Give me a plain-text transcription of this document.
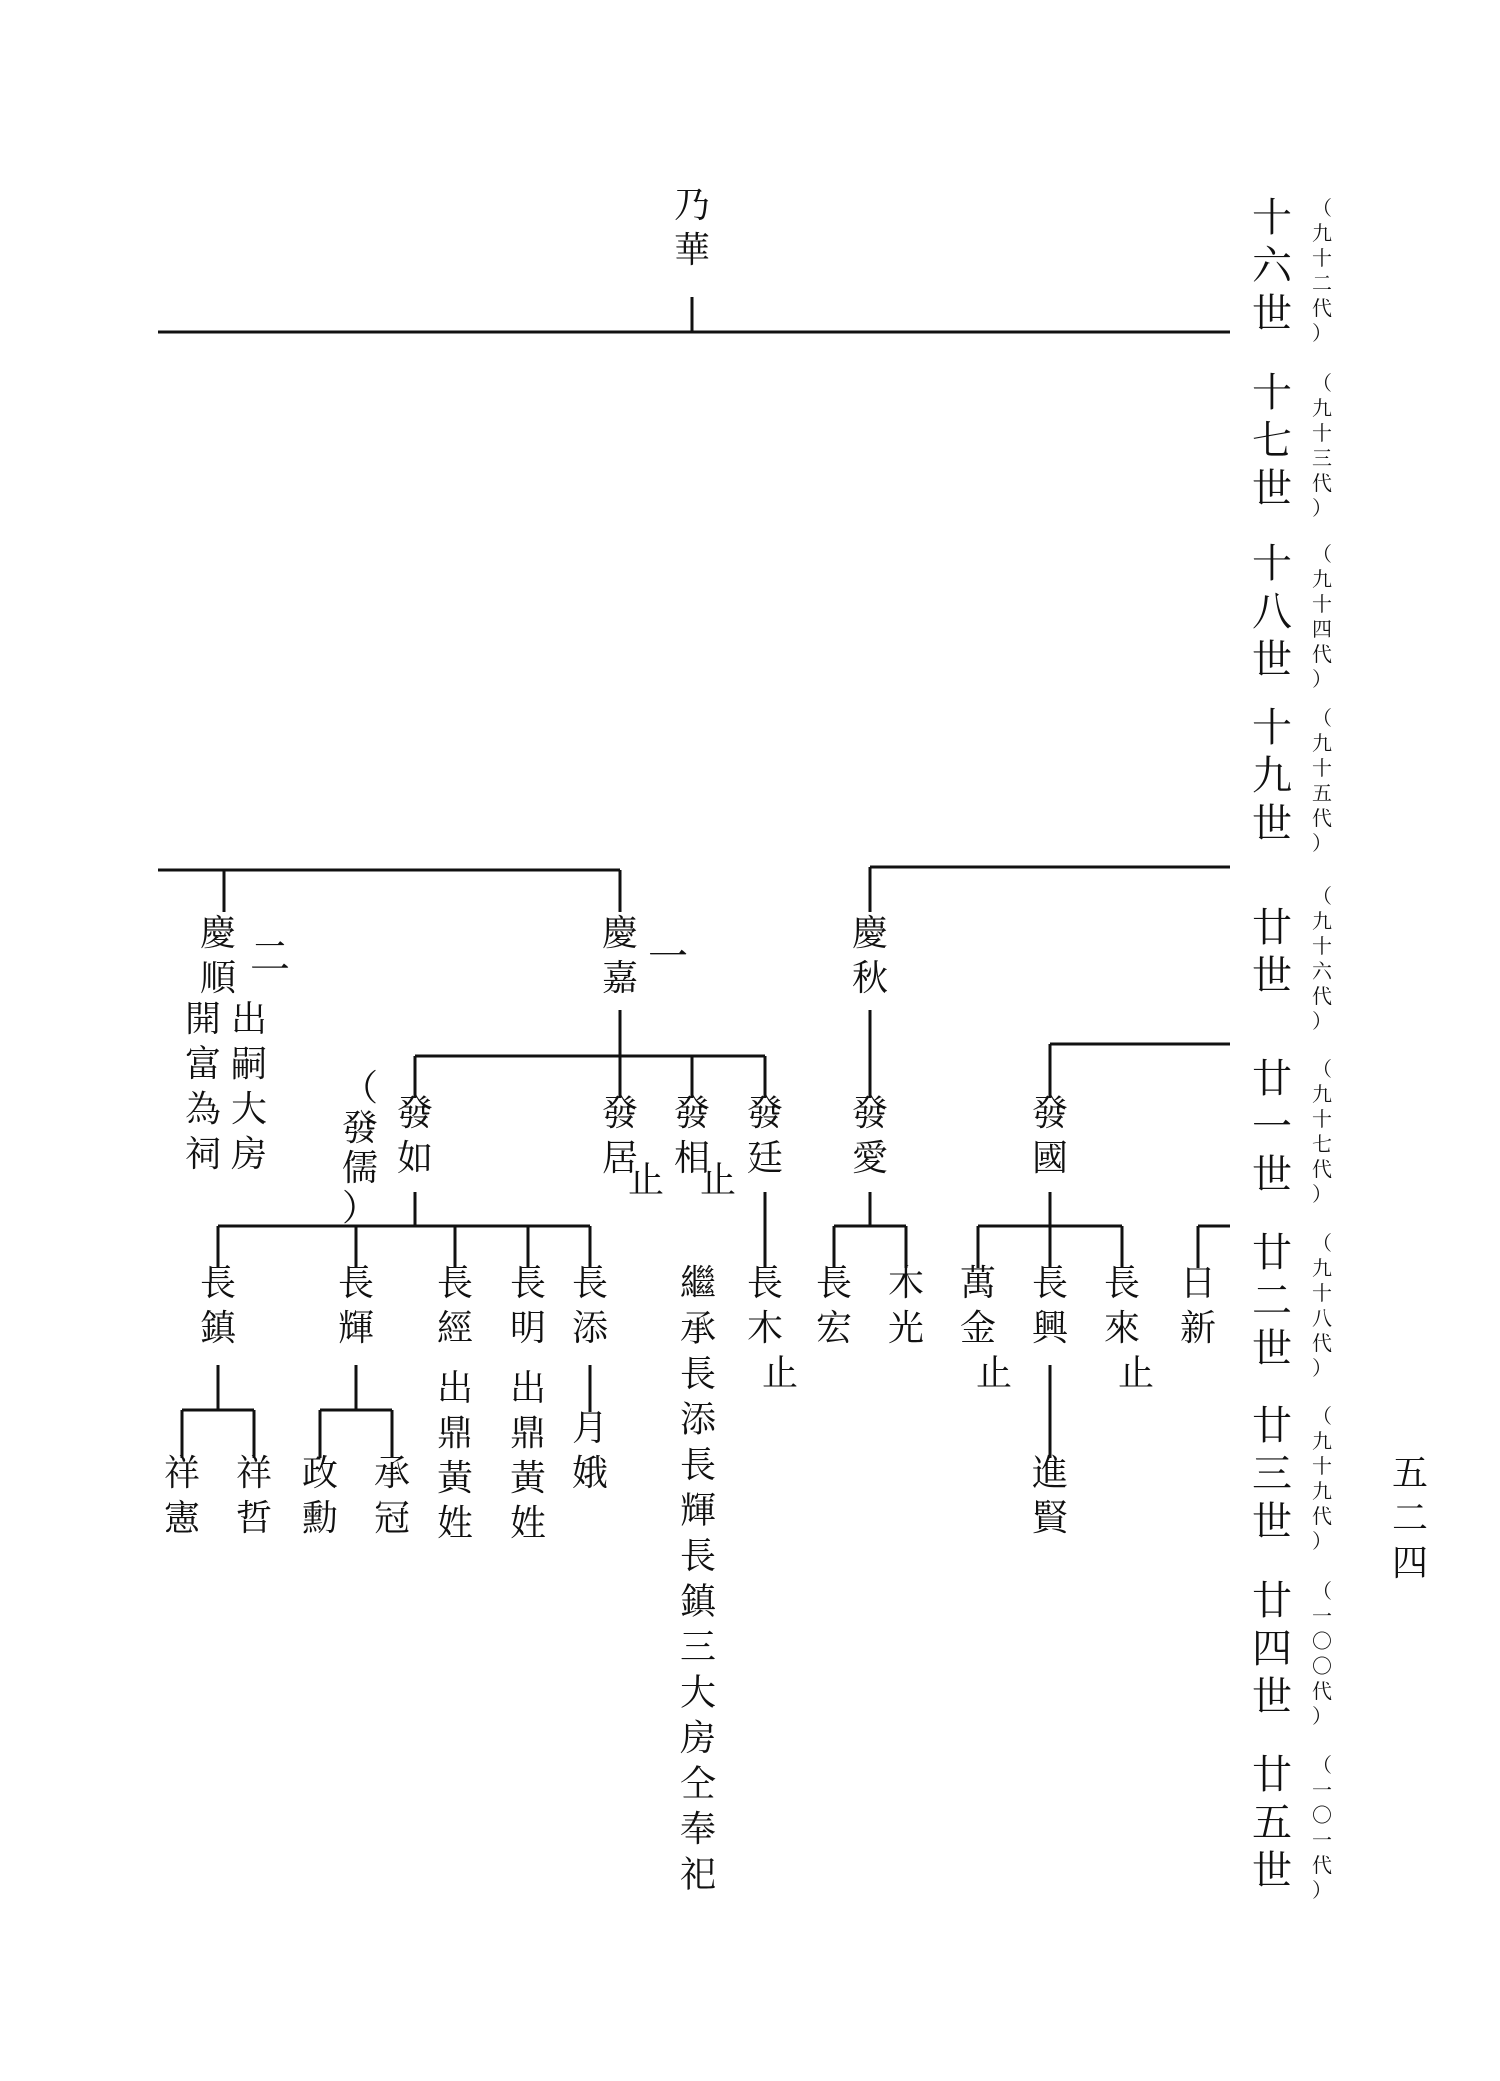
乃華
慶嘉 一
慶順 二
出嗣大房
開富為祠
慶秋
發如
（發儒）
發居
止
發相
止
發廷
發愛
發國
長鎮
長輝
長經
出鼎黃姓
長明
出鼎黃姓
長添
繼承長添長輝長鎮三大房仝奉祀
長木
止
長宏
木光
萬金
止
長興
長來
止
日新
祥憲
祥哲
政勳
承冠
月娥	進賢
五二四
十六世
（九十二代）
十七世
（九十三代）
十八世
（九十四代）
十九世
（九十五代）
廿世
（九十六代）
廿一世
（九十七代）
廿二世
（九十八代）
廿三世
（九十九代）
廿四世
（一〇〇代）
廿五世
（一〇一代）
